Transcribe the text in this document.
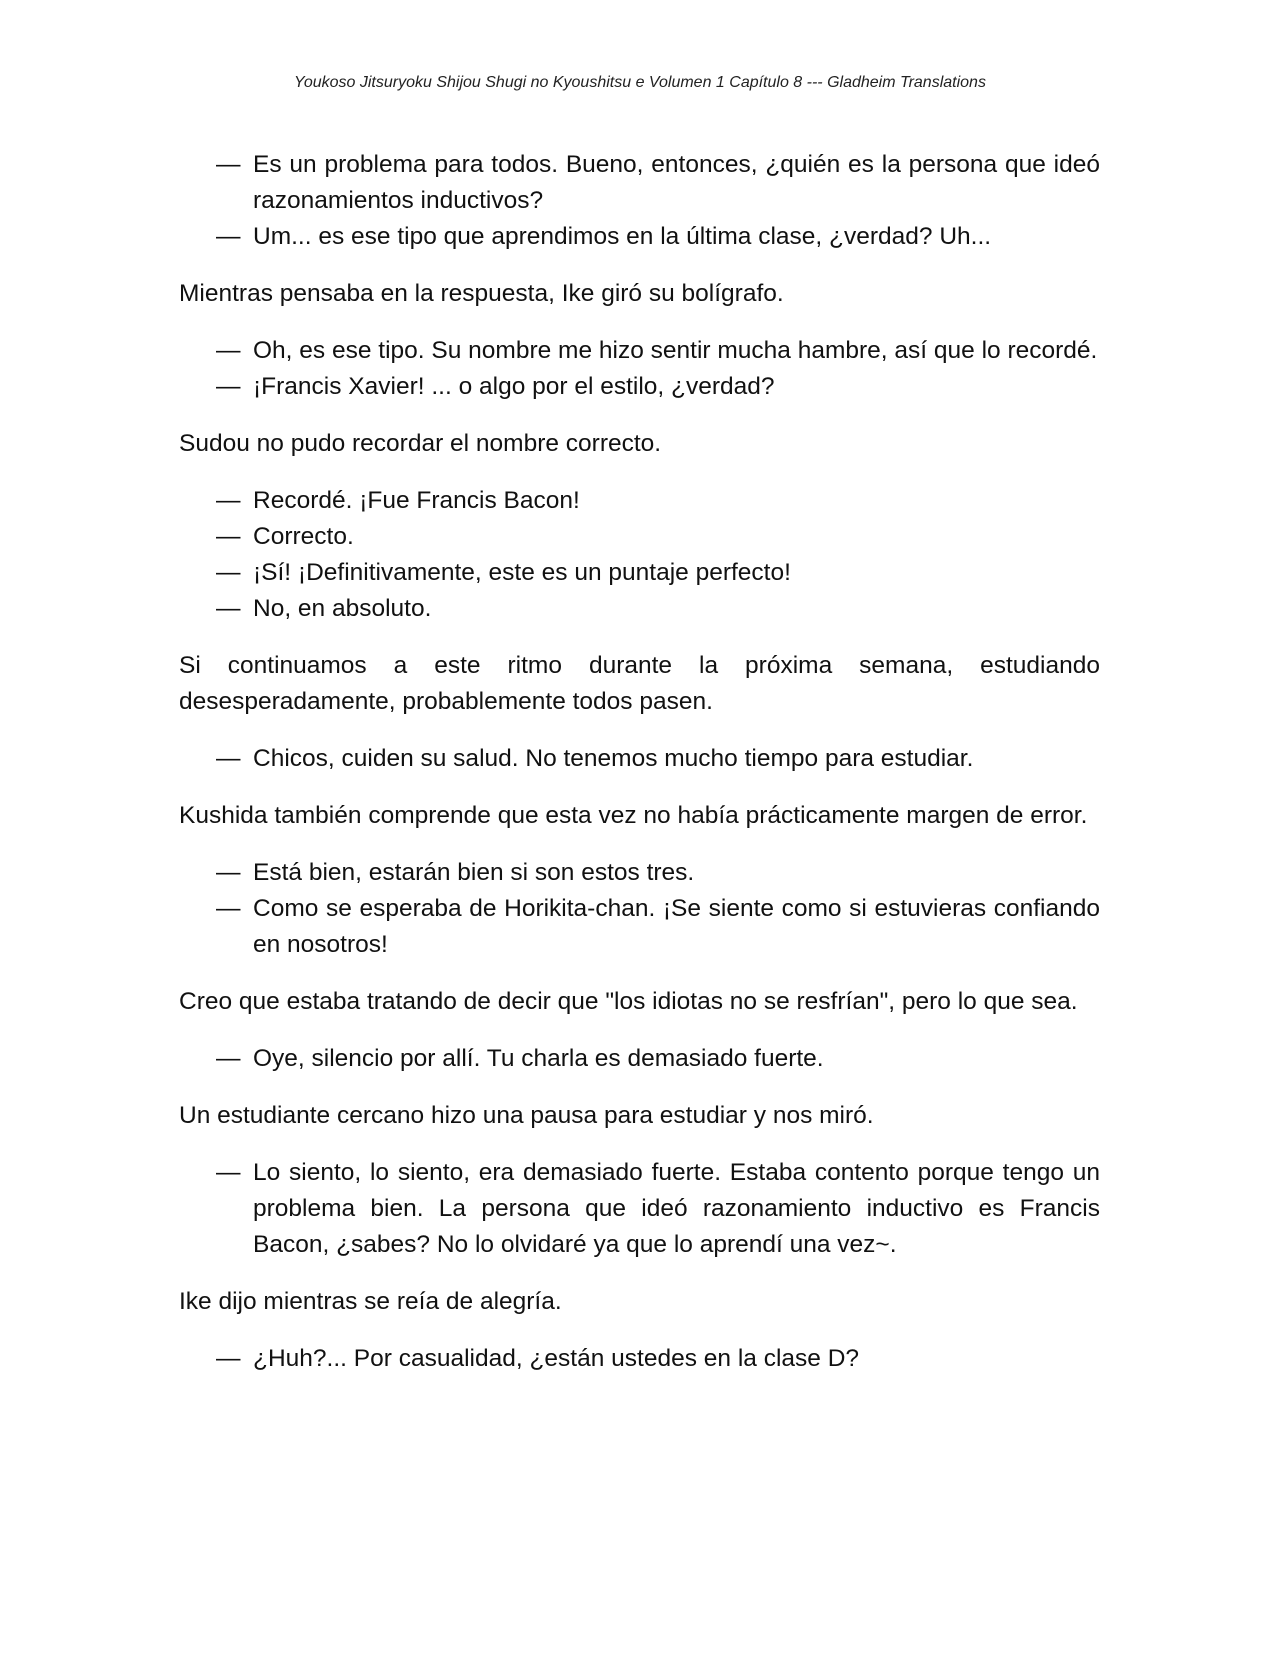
Youkoso Jitsuryoku Shijou Shugi no Kyoushitsu e Volumen 1 Capítulo 8 --- Gladheim Translations
— Es un problema para todos. Bueno, entonces, ¿quién es la persona que ideó razonamientos inductivos?
— Um... es ese tipo que aprendimos en la última clase, ¿verdad? Uh...

Mientras pensaba en la respuesta, Ike giró su bolígrafo.

— Oh, es ese tipo. Su nombre me hizo sentir mucha hambre, así que lo recordé.
— ¡Francis Xavier! ... o algo por el estilo, ¿verdad?

Sudou no pudo recordar el nombre correcto.

— Recordé. ¡Fue Francis Bacon!
— Correcto.
— ¡Sí! ¡Definitivamente, este es un puntaje perfecto!
— No, en absoluto.

Si continuamos a este ritmo durante la próxima semana, estudiando desesperadamente, probablemente todos pasen.

— Chicos, cuiden su salud. No tenemos mucho tiempo para estudiar.

Kushida también comprende que esta vez no había prácticamente margen de error.

— Está bien, estarán bien si son estos tres.
— Como se esperaba de Horikita-chan. ¡Se siente como si estuvieras confiando en nosotros!

Creo que estaba tratando de decir que "los idiotas no se resfrían", pero lo que sea.

— Oye, silencio por allí. Tu charla es demasiado fuerte.

Un estudiante cercano hizo una pausa para estudiar y nos miró.

— Lo siento, lo siento, era demasiado fuerte. Estaba contento porque tengo un problema bien. La persona que ideó razonamiento inductivo es Francis Bacon, ¿sabes? No lo olvidaré ya que lo aprendí una vez~.

Ike dijo mientras se reía de alegría.

— ¿Huh?... Por casualidad, ¿están ustedes en la clase D?
